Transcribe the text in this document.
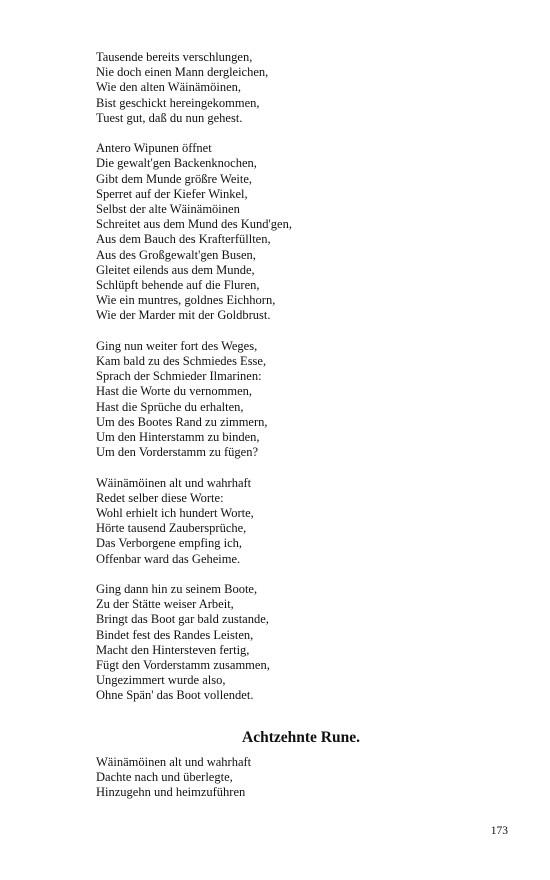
Tausende bereits verschlungen,
Nie doch einen Mann dergleichen,
Wie den alten Wäinämöinen,
Bist geschickt hereingekommen,
Tuest gut, daß du nun gehest.
Antero Wipunen öffnet
Die gewalt'gen Backenknochen,
Gibt dem Munde größre Weite,
Sperret auf der Kiefer Winkel,
Selbst der alte Wäinämöinen
Schreitet aus dem Mund des Kund'gen,
Aus dem Bauch des Krafterfüllten,
Aus des Großgewalt'gen Busen,
Gleitet eilends aus dem Munde,
Schlüpft behende auf die Fluren,
Wie ein muntres, goldnes Eichhorn,
Wie der Marder mit der Goldbrust.
Ging nun weiter fort des Weges,
Kam bald zu des Schmiedes Esse,
Sprach der Schmieder Ilmarinen:
Hast die Worte du vernommen,
Hast die Sprüche du erhalten,
Um des Bootes Rand zu zimmern,
Um den Hinterstamm zu binden,
Um den Vorderstamm zu fügen?
Wäinämöinen alt und wahrhaft
Redet selber diese Worte:
Wohl erhielt ich hundert Worte,
Hörte tausend Zaubersprüche,
Das Verborgene empfing ich,
Offenbar ward das Geheime.
Ging dann hin zu seinem Boote,
Zu der Stätte weiser Arbeit,
Bringt das Boot gar bald zustande,
Bindet fest des Randes Leisten,
Macht den Hintersteven fertig,
Fügt den Vorderstamm zusammen,
Ungezimmert wurde also,
Ohne Spän' das Boot vollendet.
Achtzehnte Rune.
Wäinämöinen alt und wahrhaft
Dachte nach und überlegte,
Hinzugehn und heimzuführen
173
